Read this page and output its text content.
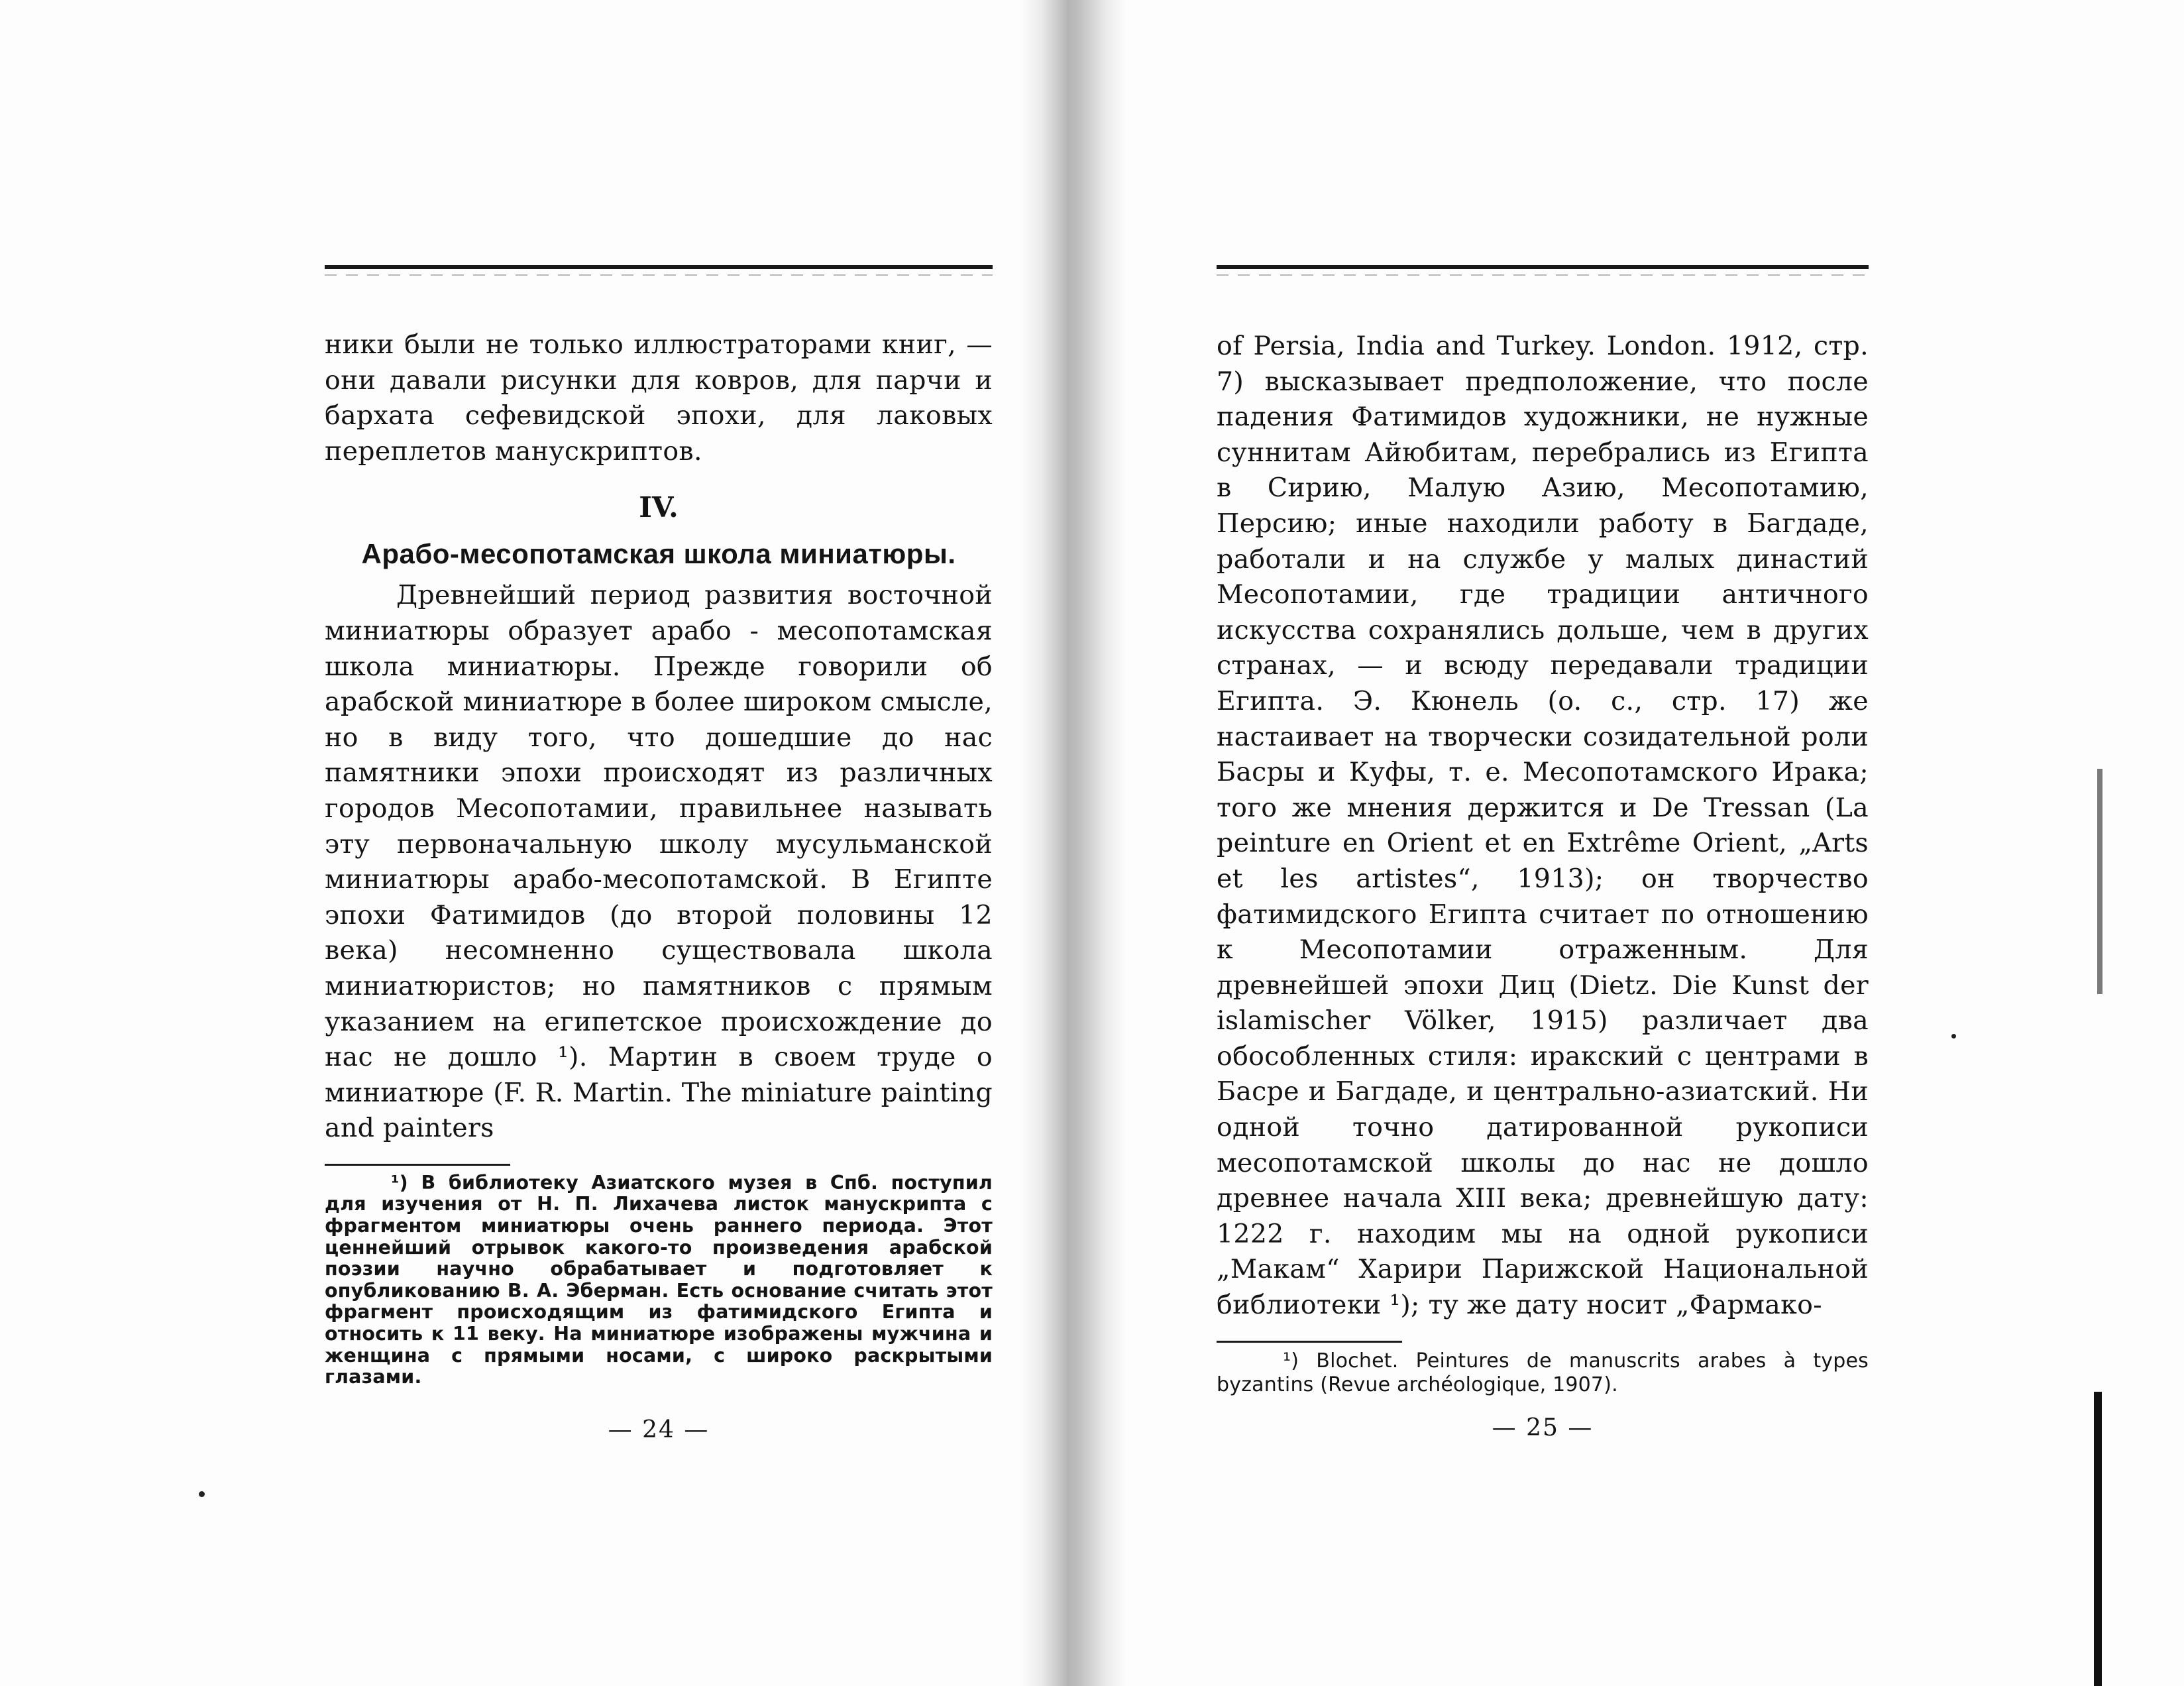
ники были не только иллюстраторами книг, — они давали рисунки для ковров, для парчи и бархата сефевидской эпохи, для лаковых переплетов манускриптов.
IV.
Арабо-месопотамская школа миниатюры.
Древнейший период развития восточной миниатюры образует арабо - месопотамская школа миниатюры. Прежде говорили об арабской миниатюре в более широком смысле, но в виду того, что дошедшие до нас памятники эпохи происходят из различных городов Месопотамии, правильнее называть эту первоначальную школу мусульманской миниатюры арабо-месопотамской. В Египте эпохи Фатимидов (до второй половины 12 века) несомненно существовала школа миниатюристов; но памятников с прямым указанием на египетское происхождение до нас не дошло ¹). Мартин в своем труде о миниатюре (F. R. Martin. The miniature painting and painters
¹) В библиотеку Азиатского музея в Спб. поступил для изучения от Н. П. Лихачева листок манускрипта с фрагментом миниатюры очень раннего периода. Этот ценнейший отрывок какого-то произведения арабской поэзии научно обрабатывает и подготовляет к опубликованию В. А. Эберман. Есть основание считать этот фрагмент происходящим из фатимидского Египта и относить к 11 веку. На миниатюре изображены мужчина и женщина с прямыми носами, с широко раскрытыми глазами.
— 24 —
of Persia, India and Turkey. London. 1912, стр. 7) высказывает предположение, что после падения Фатимидов художники, не нужные суннитам Айюбитам, перебрались из Египта в Сирию, Малую Азию, Месопотамию, Персию; иные находили работу в Багдаде, работали и на службе у малых династий Месопотамии, где традиции античного искусства сохранялись дольше, чем в других странах, — и всюду передавали традиции Египта. Э. Кюнель (o. c., стр. 17) же настаивает на творчески созидательной роли Басры и Куфы, т. е. Месопотамского Ирака; того же мнения держится и De Tressan (La peinture en Orient et en Extrême Orient, „Arts et les artistes“, 1913); он творчество фатимидского Египта считает по отношению к Месопотамии отраженным. Для древнейшей эпохи Диц (Dietz. Die Kunst der islamischer Völker, 1915) различает два обособленных стиля: иракский с центрами в Басре и Багдаде, и центрально-азиатский. Ни одной точно датированной рукописи месопотамской школы до нас не дошло древнее начала XIII века; древнейшую дату: 1222 г. находим мы на одной рукописи „Макам“ Харири Парижской Национальной библиотеки ¹); ту же дату носит „Фармако-
¹) Blochet. Peintures de manuscrits arabes à types byzantins (Revue archéologique, 1907).
— 25 —
